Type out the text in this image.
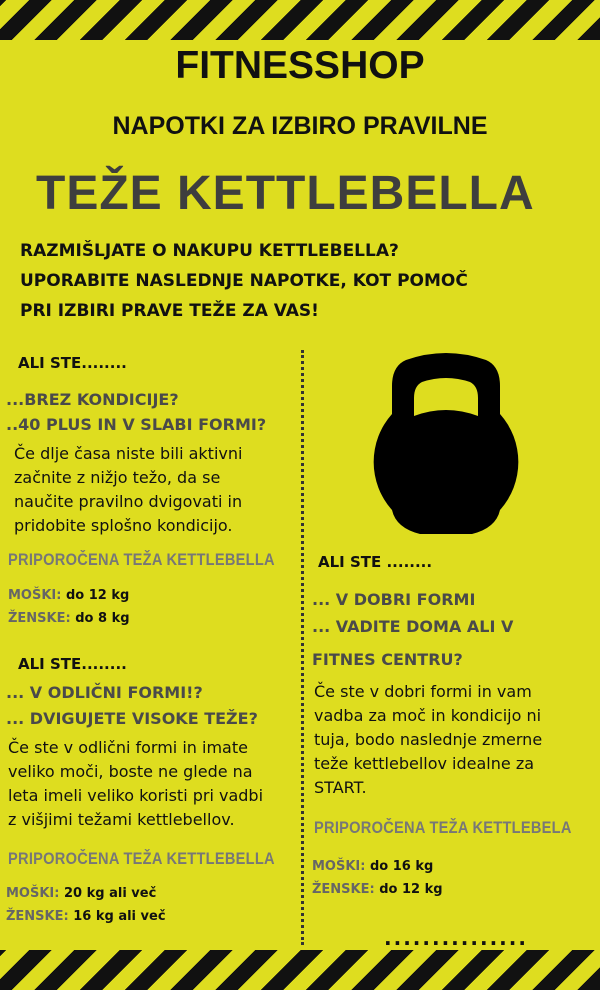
FITNESSHOP
NAPOTKI ZA IZBIRO PRAVILNE
TEŽE KETTLEBELLA
RAZMIŠLJATE O NAKUPU KETTLEBELLA?
UPORABITE NASLEDNJE NAPOTKE, KOT POMOČ
PRI IZBIRI PRAVE TEŽE ZA VAS!
ALI STE........
...BREZ KONDICIJE?
..40 PLUS IN V SLABI FORMI?
Če dlje časa niste bili aktivni
začnite z nižjo težo, da se
naučite pravilno dvigovati in
pridobite splošno kondicijo.
PRIPOROČENA TEŽA KETTLEBELLA
MOŠKI: do 12 kg
ŽENSKE: do 8 kg
ALI STE........
... V ODLIČNI FORMI!?
... DVIGUJETE VISOKE TEŽE?
Če ste v odlični formi in imate
veliko moči, boste ne glede na
leta imeli veliko koristi pri vadbi
z višjimi težami kettlebellov.
PRIPOROČENA TEŽA KETTLEBELLA
MOŠKI: 20 kg ali več
ŽENSKE: 16 kg ali več
ALI STE ........
... V DOBRI FORMI
... VADITE DOMA ALI V
FITNES CENTRU?
Če ste v dobri formi in vam
vadba za moč in kondicijo ni
tuja, bodo naslednje zmerne
teže kettlebellov idealne za
START.
PRIPOROČENA TEŽA KETTLEBELA
MOŠKI: do 16 kg
ŽENSKE: do 12 kg
...............
